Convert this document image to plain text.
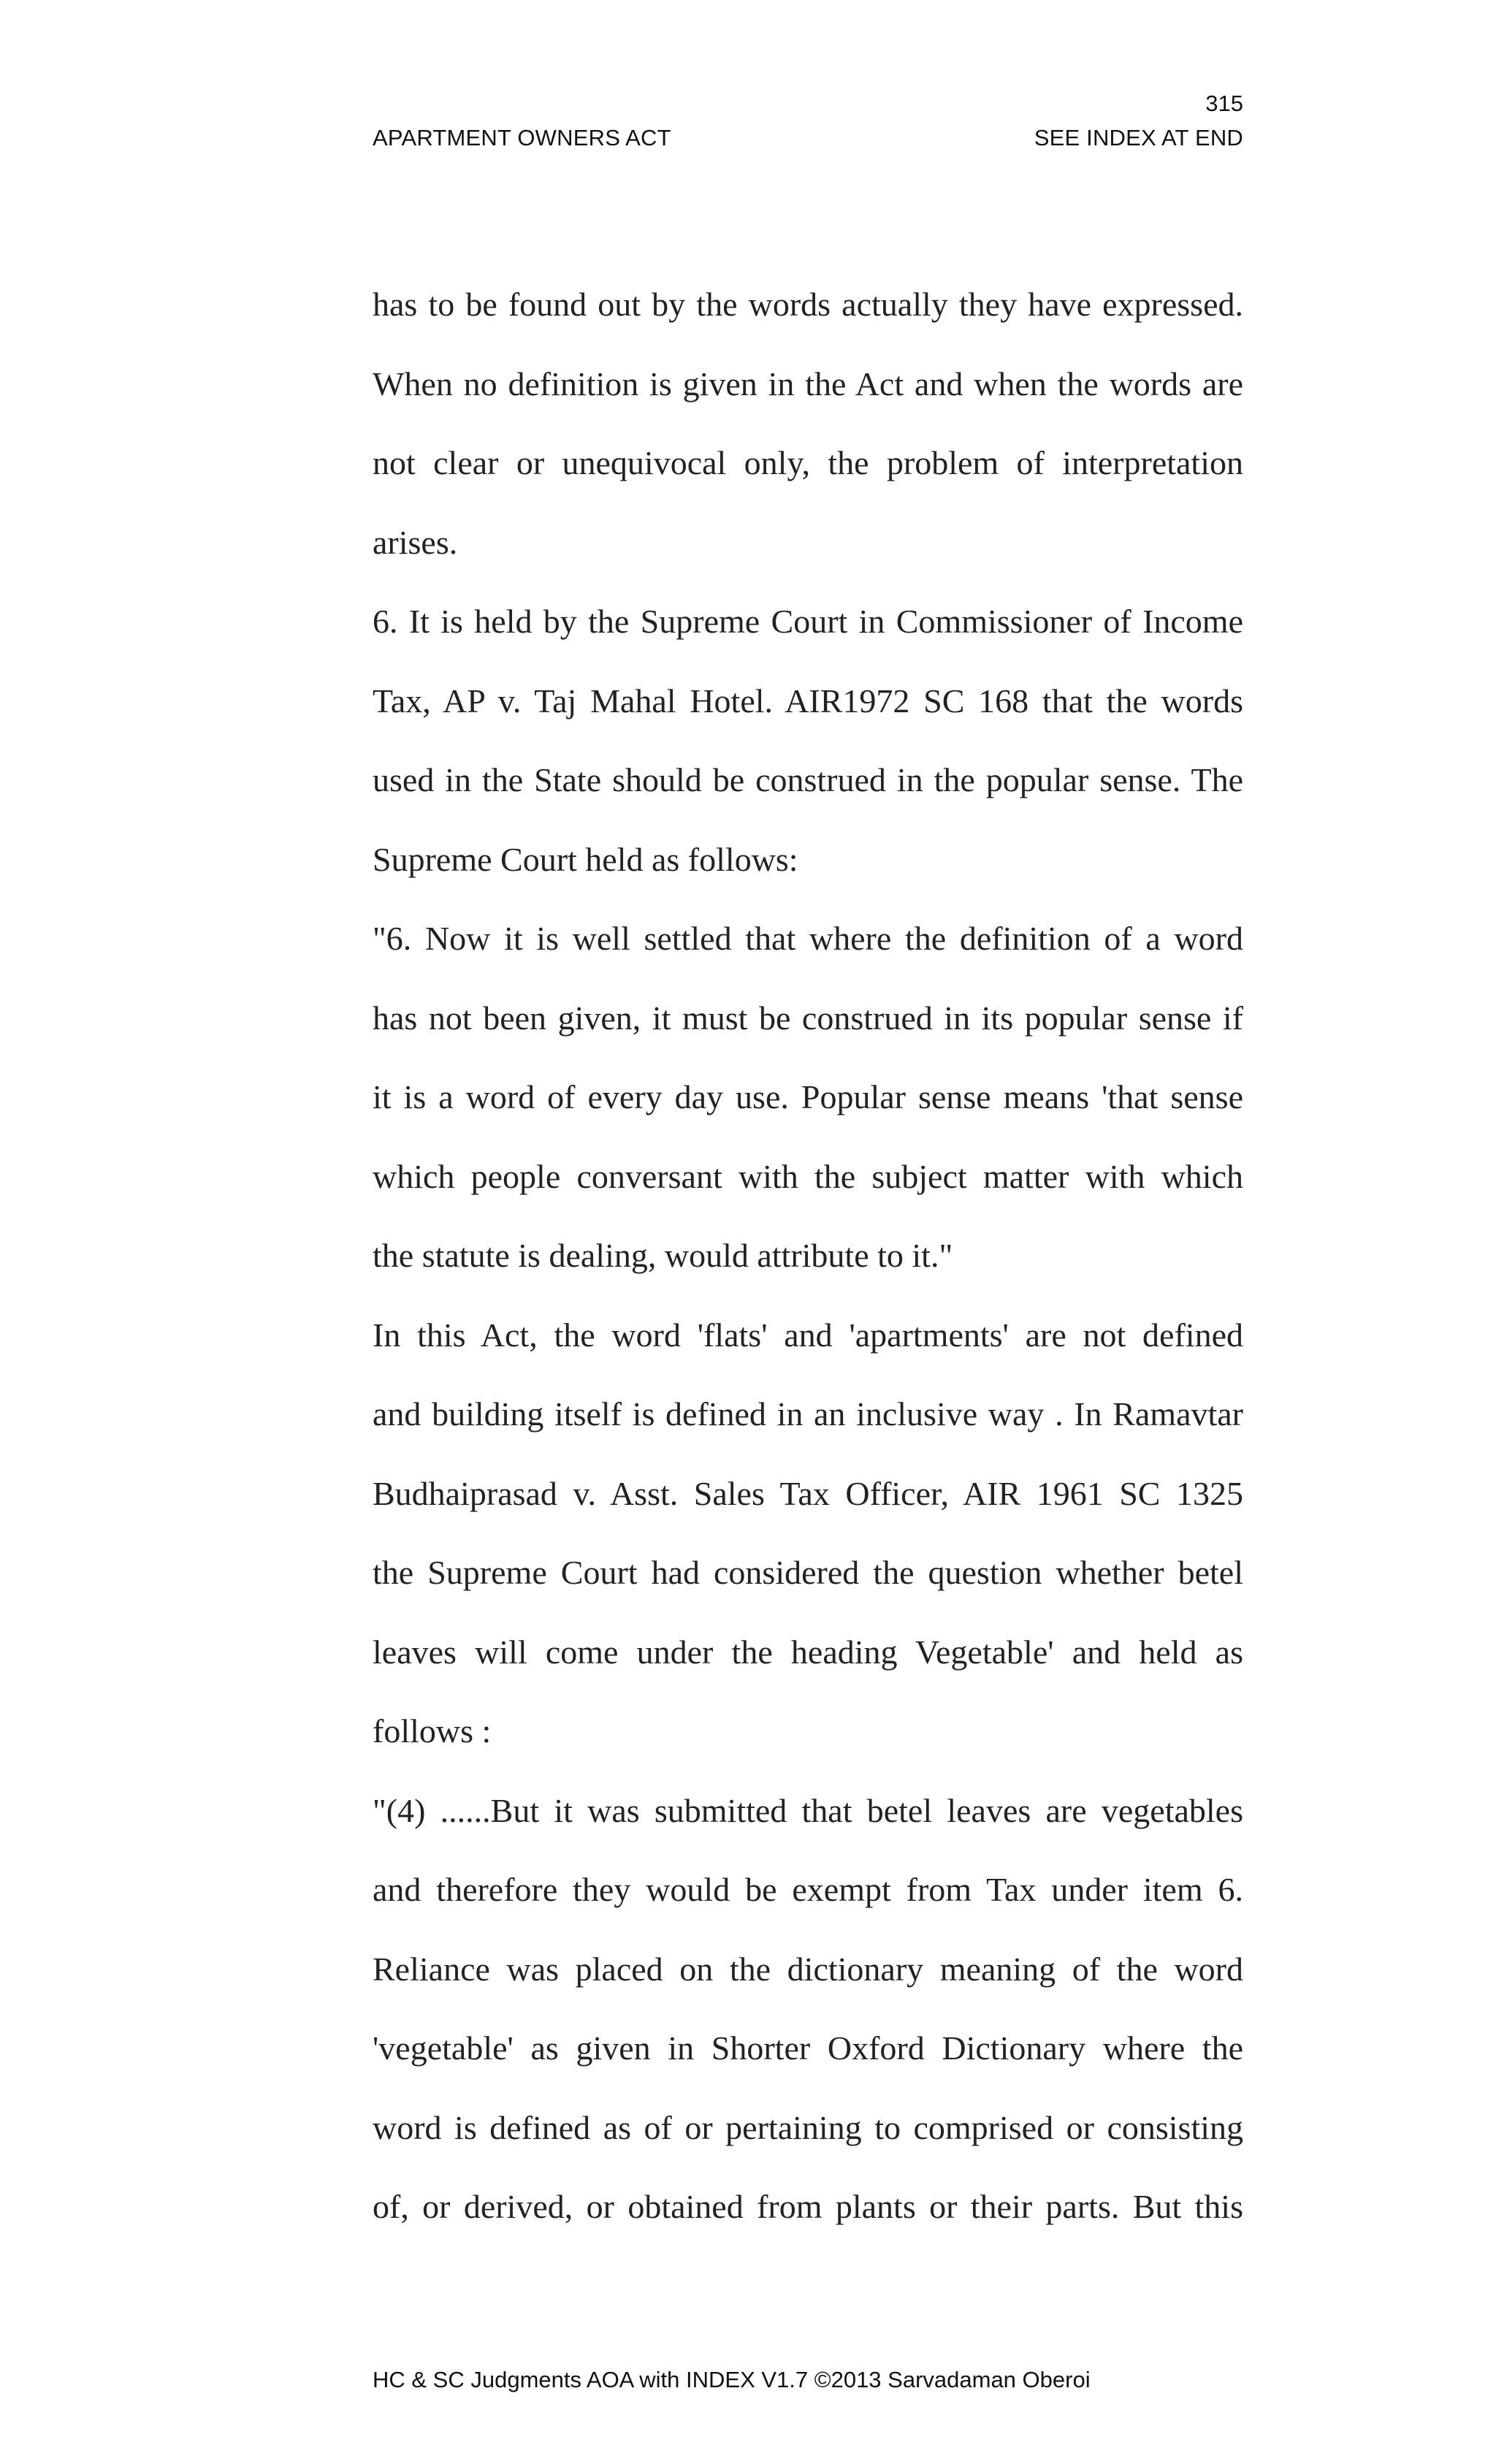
315
APARTMENT OWNERS ACT	SEE INDEX AT END
has to be found out by the words actually they have expressed.
When no definition is given in the Act and when the words are
not clear or unequivocal only, the problem of interpretation
arises.
6. It is held by the Supreme Court in Commissioner of Income
Tax, AP v. Taj Mahal Hotel. AIR1972 SC 168 that the words
used in the State should be construed in the popular sense. The
Supreme Court held as follows:
"6. Now it is well settled that where the definition of a word
has not been given, it must be construed in its popular sense if
it is a word of every day use. Popular sense means 'that sense
which people conversant with the subject matter with which
the statute is dealing, would attribute to it."
In this Act, the word 'flats' and 'apartments' are not defined
and building itself is defined in an inclusive way . In Ramavtar
Budhaiprasad v. Asst. Sales Tax Officer, AIR 1961 SC 1325
the Supreme Court had considered the question whether betel
leaves will come under the heading Vegetable' and held as
follows :
"(4) ......But it was submitted that betel leaves are vegetables
and therefore they would be exempt from Tax under item 6.
Reliance was placed on the dictionary meaning of the word
'vegetable' as given in Shorter Oxford Dictionary where the
word is defined as of or pertaining to comprised or consisting
of, or derived, or obtained from plants or their parts. But this
HC & SC Judgments AOA with INDEX V1.7 ©2013 Sarvadaman Oberoi
